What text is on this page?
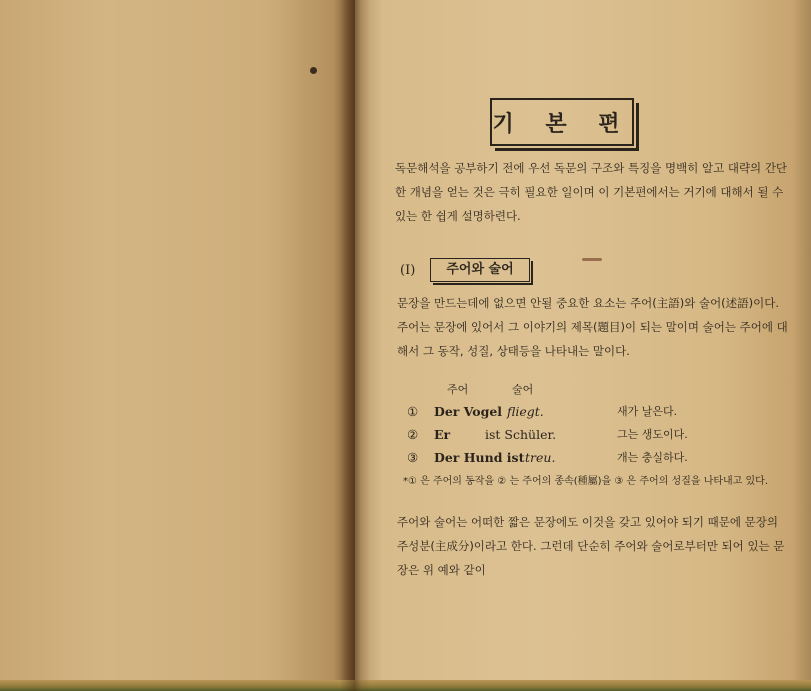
기 본 편

독문해석을 공부하기 전에 우선 독문의 구조와 특징을 명백히 알고 대략의 간단한 개념을 얻는 것은 극히 필요한 일이며 이 기본편에서는 거기에 대해서 될 수 있는 한 쉽게 설명하련다.

(I)	주어와 술어

문장을 만드는데에 없으면 안될 중요한 요소는 주어(主語)와 술어(述語)이다. 주어는 문장에 있어서 그 이야기의 제목(題目)이 되는 말이며 술어는 주어에 대해서 그 동작, 성질, 상태등을 나타내는 말이다.

주어	술어
① Der Vogel fliegt.	새가 날은다.
② Er	ist Schüler.	그는 생도이다.
③ Der Hund ist treu.	개는 충실하다.

*① 은 주어의 동작을 ② 는 주어의 종속(種屬)을 ③ 은 주어의 성질을 나타내고 있다.

주어와 술어는 어떠한 짧은 문장에도 이것을 갖고 있어야 되기 때문에 문장의 주성분(主成分)이라고 한다. 그런데 단순히 주어와 술어로부터만 되어 있는 문장은 위 예와 같이
